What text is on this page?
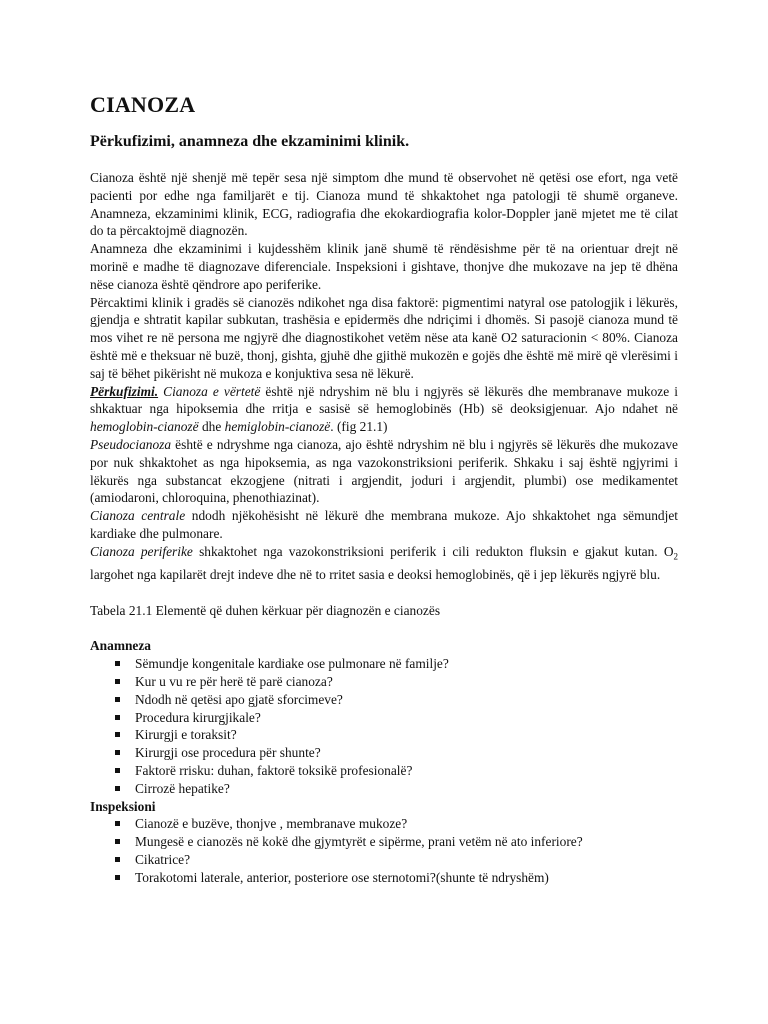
CIANOZA
Përkufizimi, anamneza dhe ekzaminimi klinik.

Cianoza është një shenjë më tepër sesa një simptom dhe mund të observohet në qetësi ose efort, nga vetë pacienti por edhe nga familjarët e tij. Cianoza mund të shkaktohet nga patologji të shumë organeve. Anamneza, ekzaminimi klinik, ECG, radiografia dhe ekokardiografia kolor-Doppler janë mjetet me të cilat do ta përcaktojmë diagnozën.

Anamneza dhe ekzaminimi i kujdesshëm klinik janë shumë të rëndësishme për të na orientuar drejt në morinë e madhe të diagnozave diferenciale. Inspeksioni i gishtave, thonjve dhe mukozave na jep të dhëna nëse cianoza është qëndrore apo periferike.

Përcaktimi klinik i gradës së cianozës ndikohet nga disa faktorë: pigmentimi natyral ose patologjik i lëkurës, gjendja e shtratit kapilar subkutan, trashësia e epidermës dhe ndriçimi i dhomës. Si pasojë cianoza mund të mos vihet re në persona me ngjyrë dhe diagnostikohet vetëm nëse ata kanë O2 saturacionin < 80%. Cianoza është më e theksuar në buzë, thonj, gishta, gjuhë dhe gjithë mukozën e gojës dhe është më mirë që vlerësimi i saj të bëhet pikërisht në mukoza e konjuktiva sesa në lëkurë.

Përkufizimi. Cianoza e vërtetë është një ndryshim në blu i ngjyrës së lëkurës dhe membranave mukoze i shkaktuar nga hipoksemia dhe rritja e sasisë së hemoglobinës (Hb) së deoksigjenuar. Ajo ndahet në hemoglobin-cianozë dhe hemiglobin-cianozë. (fig 21.1)

Pseudocianoza është e ndryshme nga cianoza, ajo është ndryshim në blu i ngjyrës së lëkurës dhe mukozave por nuk shkaktohet as nga hipoksemia, as nga vazokonstriksioni periferik. Shkaku i saj është ngjyrimi i lëkurës nga substancat ekzogjene (nitrati i argjendit, joduri i argjendit, plumbi) ose medikamentet (amiodaroni, chloroquina, phenothiazinat).

Cianoza centrale ndodh njëkohësisht në lëkurë dhe membrana mukoze. Ajo shkaktohet nga sëmundjet kardiake dhe pulmonare.

Cianoza periferike shkaktohet nga vazokonstriksioni periferik i cili redukton fluksin e gjakut kutan. $O_2$ largohet nga kapilarët drejt indeve dhe në to rritet sasia e deoksi hemoglobinës, që i jep lëkurës ngjyrë blu.

Tabela 21.1 Elementë që duhen kërkuar për diagnozën e cianozës

Anamneza

Sëmundje kongenitale kardiake ose pulmonare në familje?
Kur u vu re për herë të parë cianoza?
Ndodh në qetësi apo gjatë sforcimeve?
Procedura kirurgjikale?
Kirurgji e toraksit?
Kirurgji ose procedura për shunte?
Faktorë rrisku: duhan, faktorë toksikë profesionalë?
Cirrozë hepatike?

Inspeksioni

Cianozë e buzëve, thonjve , membranave mukoze?
Mungesë e cianozës në kokë dhe gjymtyrët e sipërme, prani vetëm në ato inferiore?
Cikatrice?
Torakotomi laterale, anterior, posteriore ose sternotomi?(shunte të ndryshëm)
